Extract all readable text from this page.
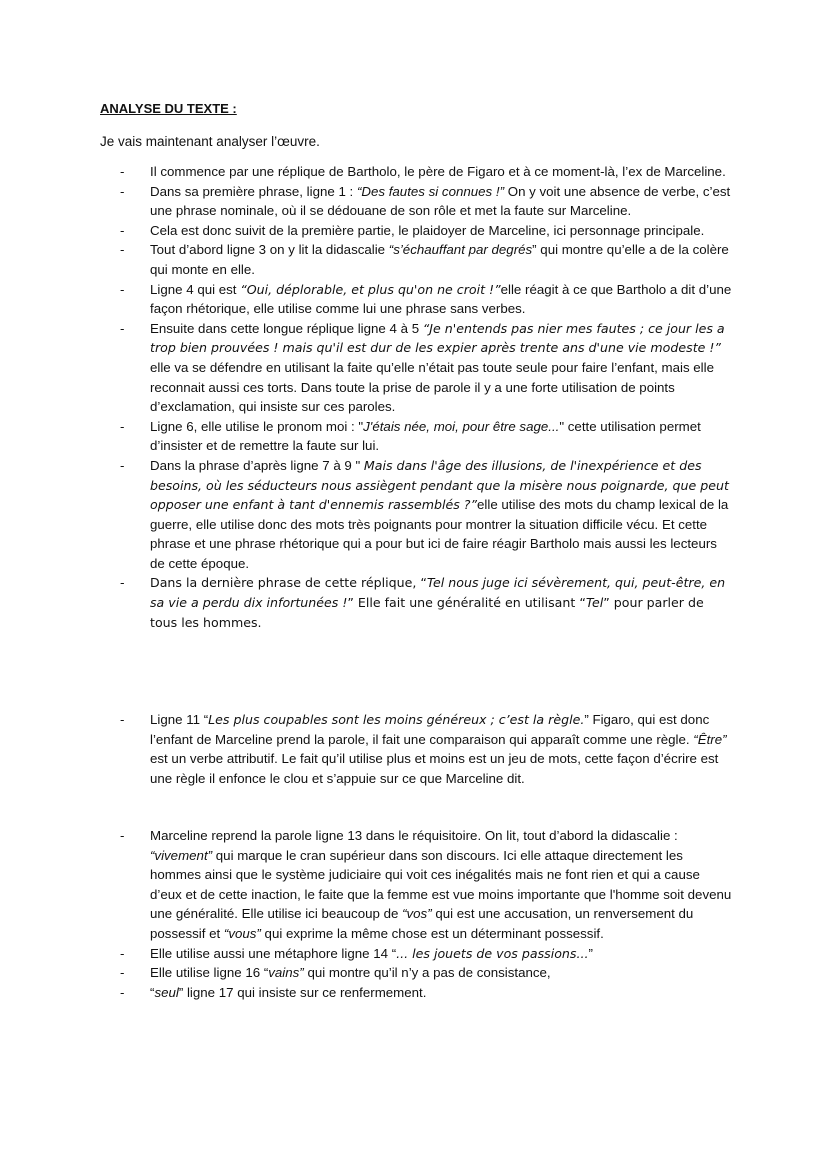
ANALYSE DU TEXTE :
Je vais maintenant analyser l’œuvre.
- Il commence par une réplique de Bartholo, le père de Figaro et à ce moment-là, l’ex de Marceline.
- Dans sa première phrase, ligne 1 : “Des fautes si connues !” On y voit une absence de verbe, c’est une phrase nominale, où il se dédouane de son rôle et met la faute sur Marceline.
- Cela est donc suivit de la première partie, le plaidoyer de Marceline, ici personnage principale.
- Tout d’abord ligne 3 on y lit la didascalie “s’échauffant par degrés” qui montre qu’elle a de la colère qui monte en elle.
- Ligne 4 qui est “Oui, déplorable, et plus qu'on ne croit !”elle réagit à ce que Bartholo a dit d’une façon rhétorique, elle utilise comme lui une phrase sans verbes.
- Ensuite dans cette longue réplique ligne 4 à 5 “Je n'entends pas nier mes fautes ; ce jour les a trop bien prouvées ! mais qu'il est dur de les expier après trente ans d'une vie modeste !” elle va se défendre en utilisant la faite qu’elle n’était pas toute seule pour faire l’enfant, mais elle reconnait aussi ces torts. Dans toute la prise de parole il y a une forte utilisation de points d’exclamation, qui insiste sur ces paroles.
- Ligne 6, elle utilise le pronom moi : "J'étais née, moi, pour être sage..." cette utilisation permet d’insister et de remettre la faute sur lui.
- Dans la phrase d’après ligne 7 à 9 " Mais dans l'âge des illusions, de l'inexpérience et des besoins, où les séducteurs nous assiègent pendant que la misère nous poignarde, que peut opposer une enfant à tant d'ennemis rassemblés ?”elle utilise des mots du champ lexical de la guerre, elle utilise donc des mots très poignants pour montrer la situation difficile vécu. Et cette phrase et une phrase rhétorique qui a pour but ici de faire réagir Bartholo mais aussi les lecteurs de cette époque.
- Dans la dernière phrase de cette réplique, “Tel nous juge ici sévèrement, qui, peut-être, en sa vie a perdu dix infortunées !” Elle fait une généralité en utilisant “Tel” pour parler de tous les hommes.
- Ligne 11 “Les plus coupables sont les moins généreux ; c’est la règle.” Figaro, qui est donc l’enfant de Marceline prend la parole, il fait une comparaison qui apparaît comme une règle. “Être” est un verbe attributif. Le fait qu’il utilise plus et moins est un jeu de mots, cette façon d’écrire est une règle il enfonce le clou et s’appuie sur ce que Marceline dit.
- Marceline reprend la parole ligne 13 dans le réquisitoire. On lit, tout d’abord la didascalie : “vivement” qui marque le cran supérieur dans son discours. Ici elle attaque directement les hommes ainsi que le système judiciaire qui voit ces inégalités mais ne font rien et qui a cause d’eux et de cette inaction, le faite que la femme est vue moins importante que l'homme soit devenu une généralité. Elle utilise ici beaucoup de “vos” qui est une accusation, un renversement du possessif et “vous” qui exprime la même chose est un déterminant possessif.
- Elle utilise aussi une métaphore ligne 14 “... les jouets de vos passions...”
- Elle utilise ligne 16 “vains” qui montre qu’il n’y a pas de consistance,
- “seul” ligne 17 qui insiste sur ce renfermement.
